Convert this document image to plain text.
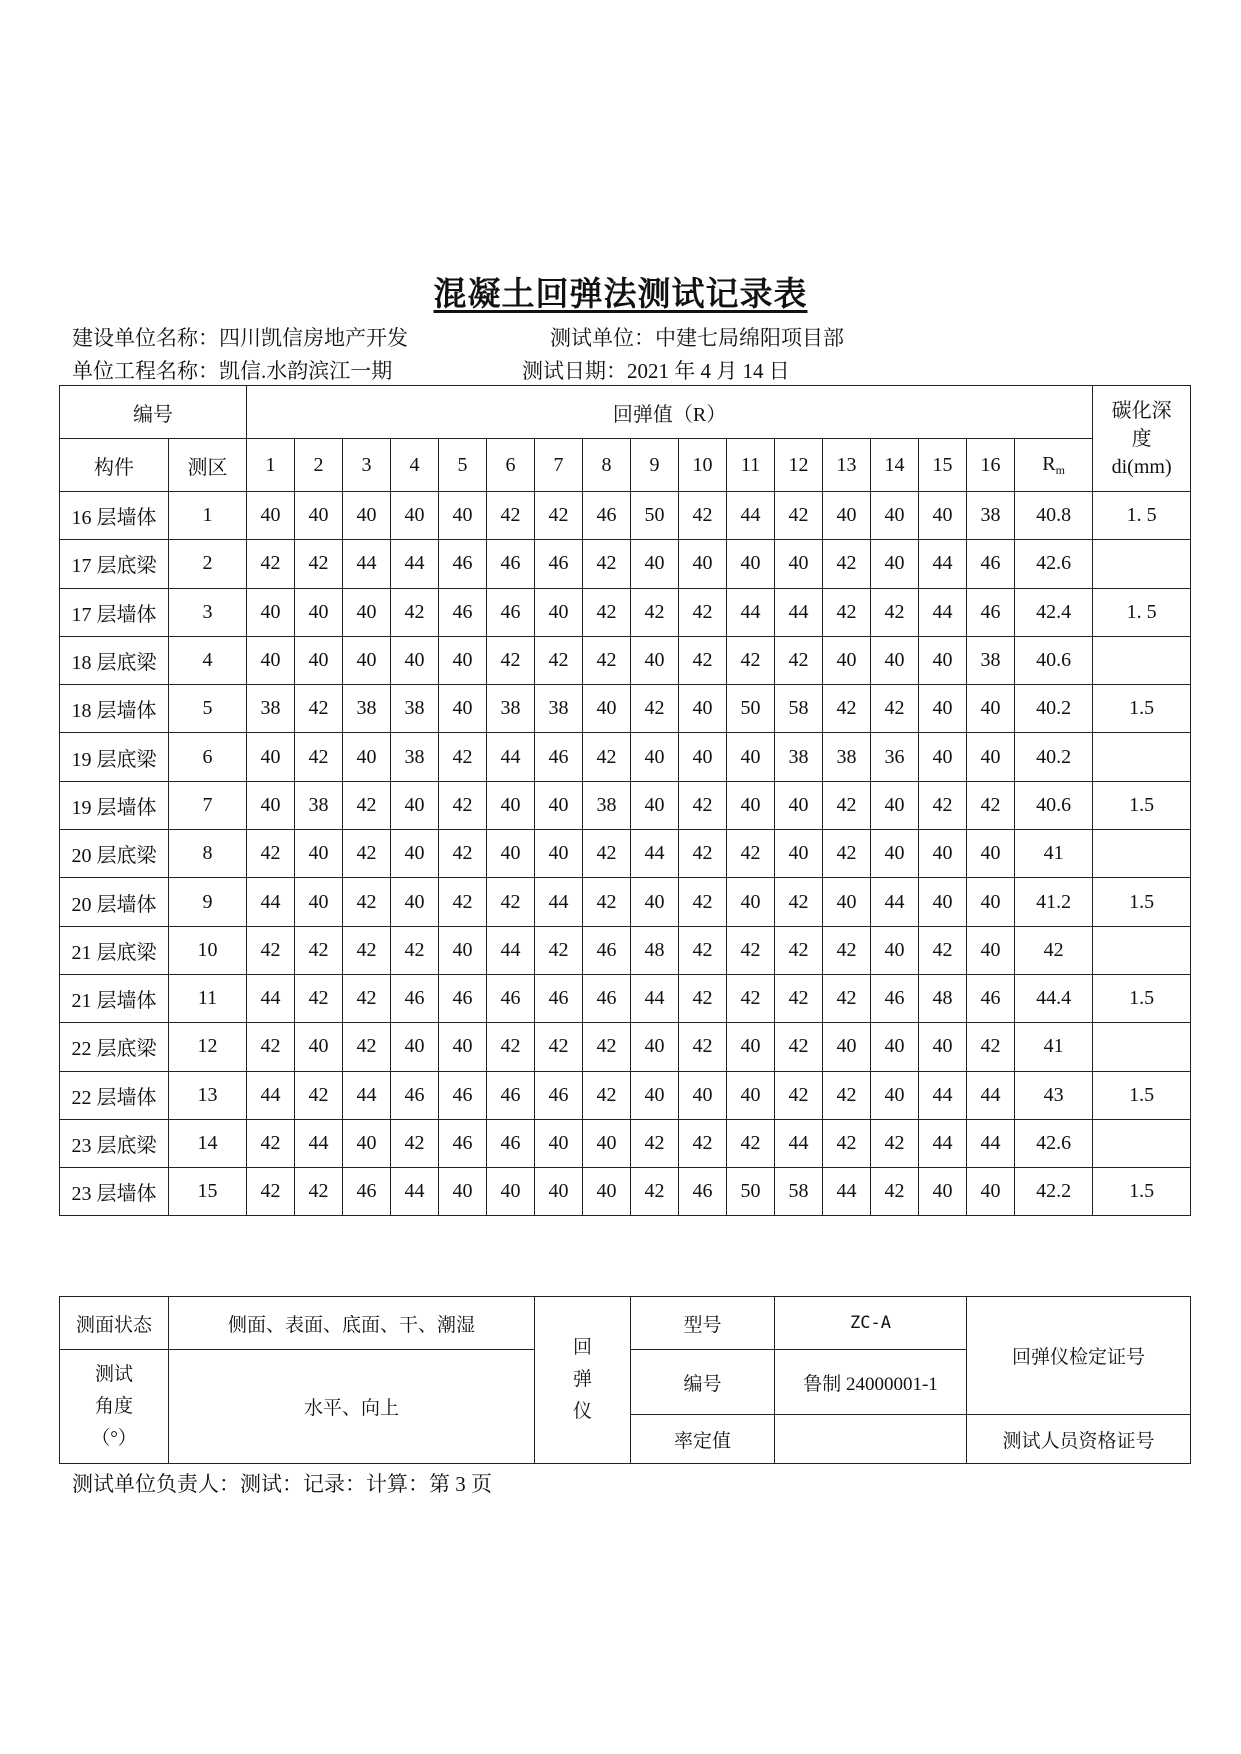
混凝土回弹法测试记录表
建设单位名称：四川凯信房地产开发	测试单位：中建七局绵阳项目部
单位工程名称：凯信.水韵滨江一期	测试日期：2021 年 4 月 14 日
编号		回弹值（R）																	碳化深
度
di(mm)

构件	测区	1	2	3	4	5	6	7	8	9	10	11	12	13	14	15	16	$R_m$
16 层墙体	1	40	40	40	40	40	42	42	46	50	42	44	42	40	40	40	38	40.8	1. 5
17 层底梁	2	42	42	44	44	46	46	46	42	40	40	40	40	42	40	44	46	42.6	
17 层墙体	3	40	40	40	42	46	46	40	42	42	42	44	44	42	42	44	46	42.4	1. 5
18 层底梁	4	40	40	40	40	40	42	42	42	40	42	42	42	40	40	40	38	40.6	
18 层墙体	5	38	42	38	38	40	38	38	40	42	40	50	58	42	42	40	40	40.2	1.5
19 层底梁	6	40	42	40	38	42	44	46	42	40	40	40	38	38	36	40	40	40.2	
19 层墙体	7	40	38	42	40	42	40	40	38	40	42	40	40	42	40	42	42	40.6	1.5
20 层底梁	8	42	40	42	40	42	40	40	42	44	42	42	40	42	40	40	40	41	
20 层墙体	9	44	40	42	40	42	42	44	42	40	42	40	42	40	44	40	40	41.2	1.5
21 层底梁	10	42	42	42	42	40	44	42	46	48	42	42	42	42	40	42	40	42	
21 层墙体	11	44	42	42	46	46	46	46	46	44	42	42	42	42	46	48	46	44.4	1.5
22 层底梁	12	42	40	42	40	40	42	42	42	40	42	40	42	40	40	40	42	41	
22 层墙体	13	44	42	44	46	46	46	46	42	40	40	40	42	42	40	44	44	43	1.5
23 层底梁	14	42	44	40	42	46	46	40	40	42	42	42	44	42	42	44	44	42.6	
23 层墙体	15	42	42	46	44	40	40	40	40	42	46	50	58	44	42	40	40	42.2	1.5
测面状态	侧面、表面、底面、干、潮湿	回
弹
仪	型号	ZC-A	回弹仪检定证号

测试
角度
（°）	水平、向上		编号	鲁制 24000001-1	
			率定值		测试人员资格证号
测试单位负责人：测试：记录：计算：第 3 页
